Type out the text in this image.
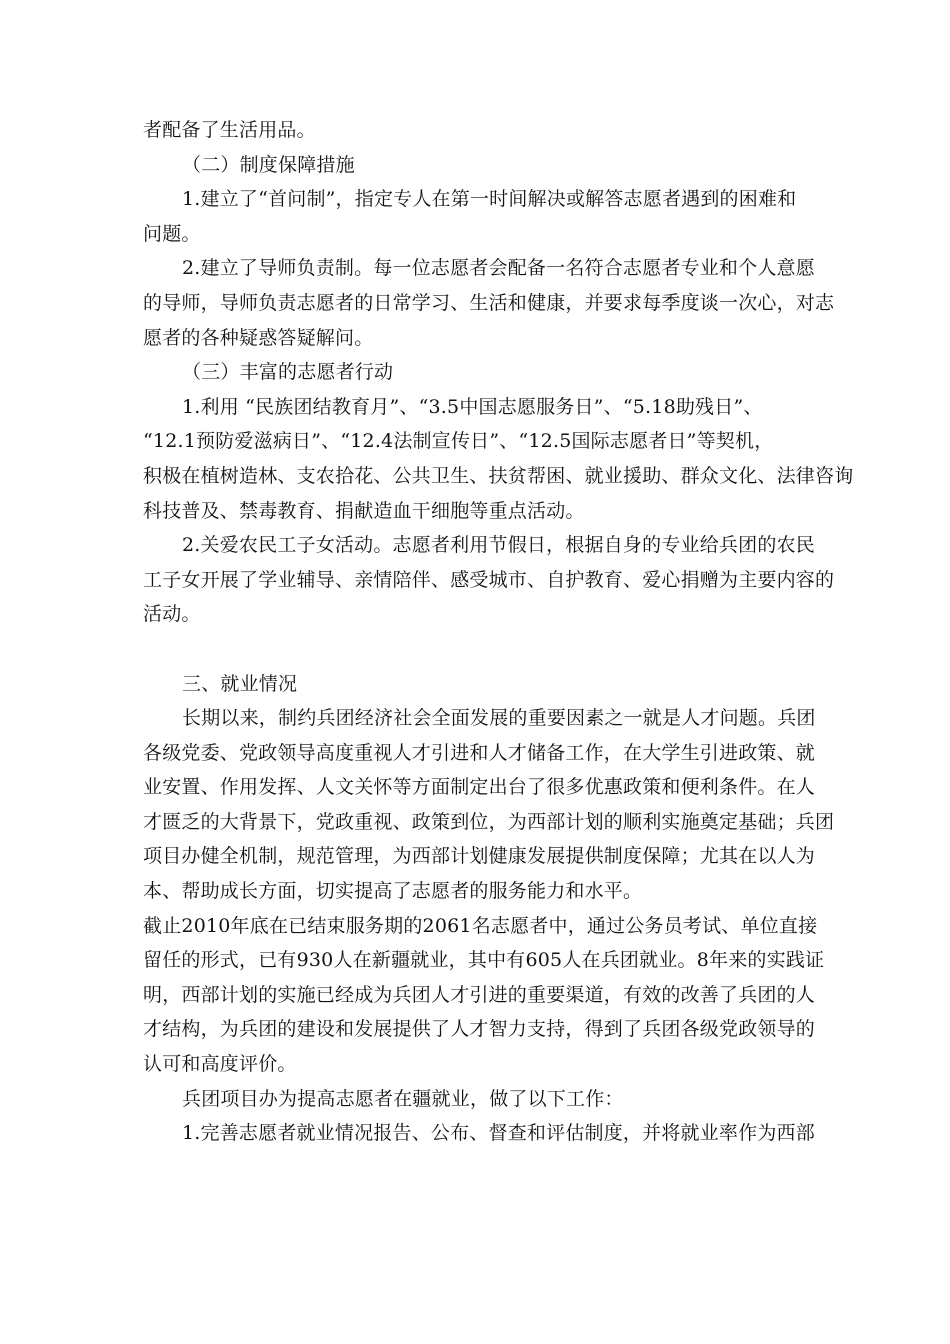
者配备了生活用品。
（二）制度保障措施
1.建立了“首问制”，指定专人在第一时间解决或解答志愿者遇到的困难和
问题。
2.建立了导师负责制。每一位志愿者会配备一名符合志愿者专业和个人意愿
的导师，导师负责志愿者的日常学习、生活和健康，并要求每季度谈一次心，对志
愿者的各种疑惑答疑解问。
（三）丰富的志愿者行动
1.利用 “民族团结教育月”、“3.5中国志愿服务日”、“5.18助残日”、
“12.1预防爱滋病日”、“12.4法制宣传日”、“12.5国际志愿者日”等契机，
积极在植树造林、支农拾花、公共卫生、扶贫帮困、就业援助、群众文化、法律咨询
科技普及、禁毒教育、捐献造血干细胞等重点活动。
2.关爱农民工子女活动。志愿者利用节假日，根据自身的专业给兵团的农民
工子女开展了学业辅导、亲情陪伴、感受城市、自护教育、爱心捐赠为主要内容的
活动。
三、就业情况
长期以来，制约兵团经济社会全面发展的重要因素之一就是人才问题。兵团
各级党委、党政领导高度重视人才引进和人才储备工作，在大学生引进政策、就
业安置、作用发挥、人文关怀等方面制定出台了很多优惠政策和便利条件。在人
才匮乏的大背景下，党政重视、政策到位，为西部计划的顺利实施奠定基础；兵团
项目办健全机制，规范管理，为西部计划健康发展提供制度保障；尤其在以人为
本、帮助成长方面，切实提高了志愿者的服务能力和水平。
截止2010年底在已结束服务期的2061名志愿者中，通过公务员考试、单位直接
留任的形式，已有930人在新疆就业，其中有605人在兵团就业。8年来的实践证
明，西部计划的实施已经成为兵团人才引进的重要渠道，有效的改善了兵团的人
才结构，为兵团的建设和发展提供了人才智力支持，得到了兵团各级党政领导的
认可和高度评价。
兵团项目办为提高志愿者在疆就业，做了以下工作：
1.完善志愿者就业情况报告、公布、督查和评估制度，并将就业率作为西部
